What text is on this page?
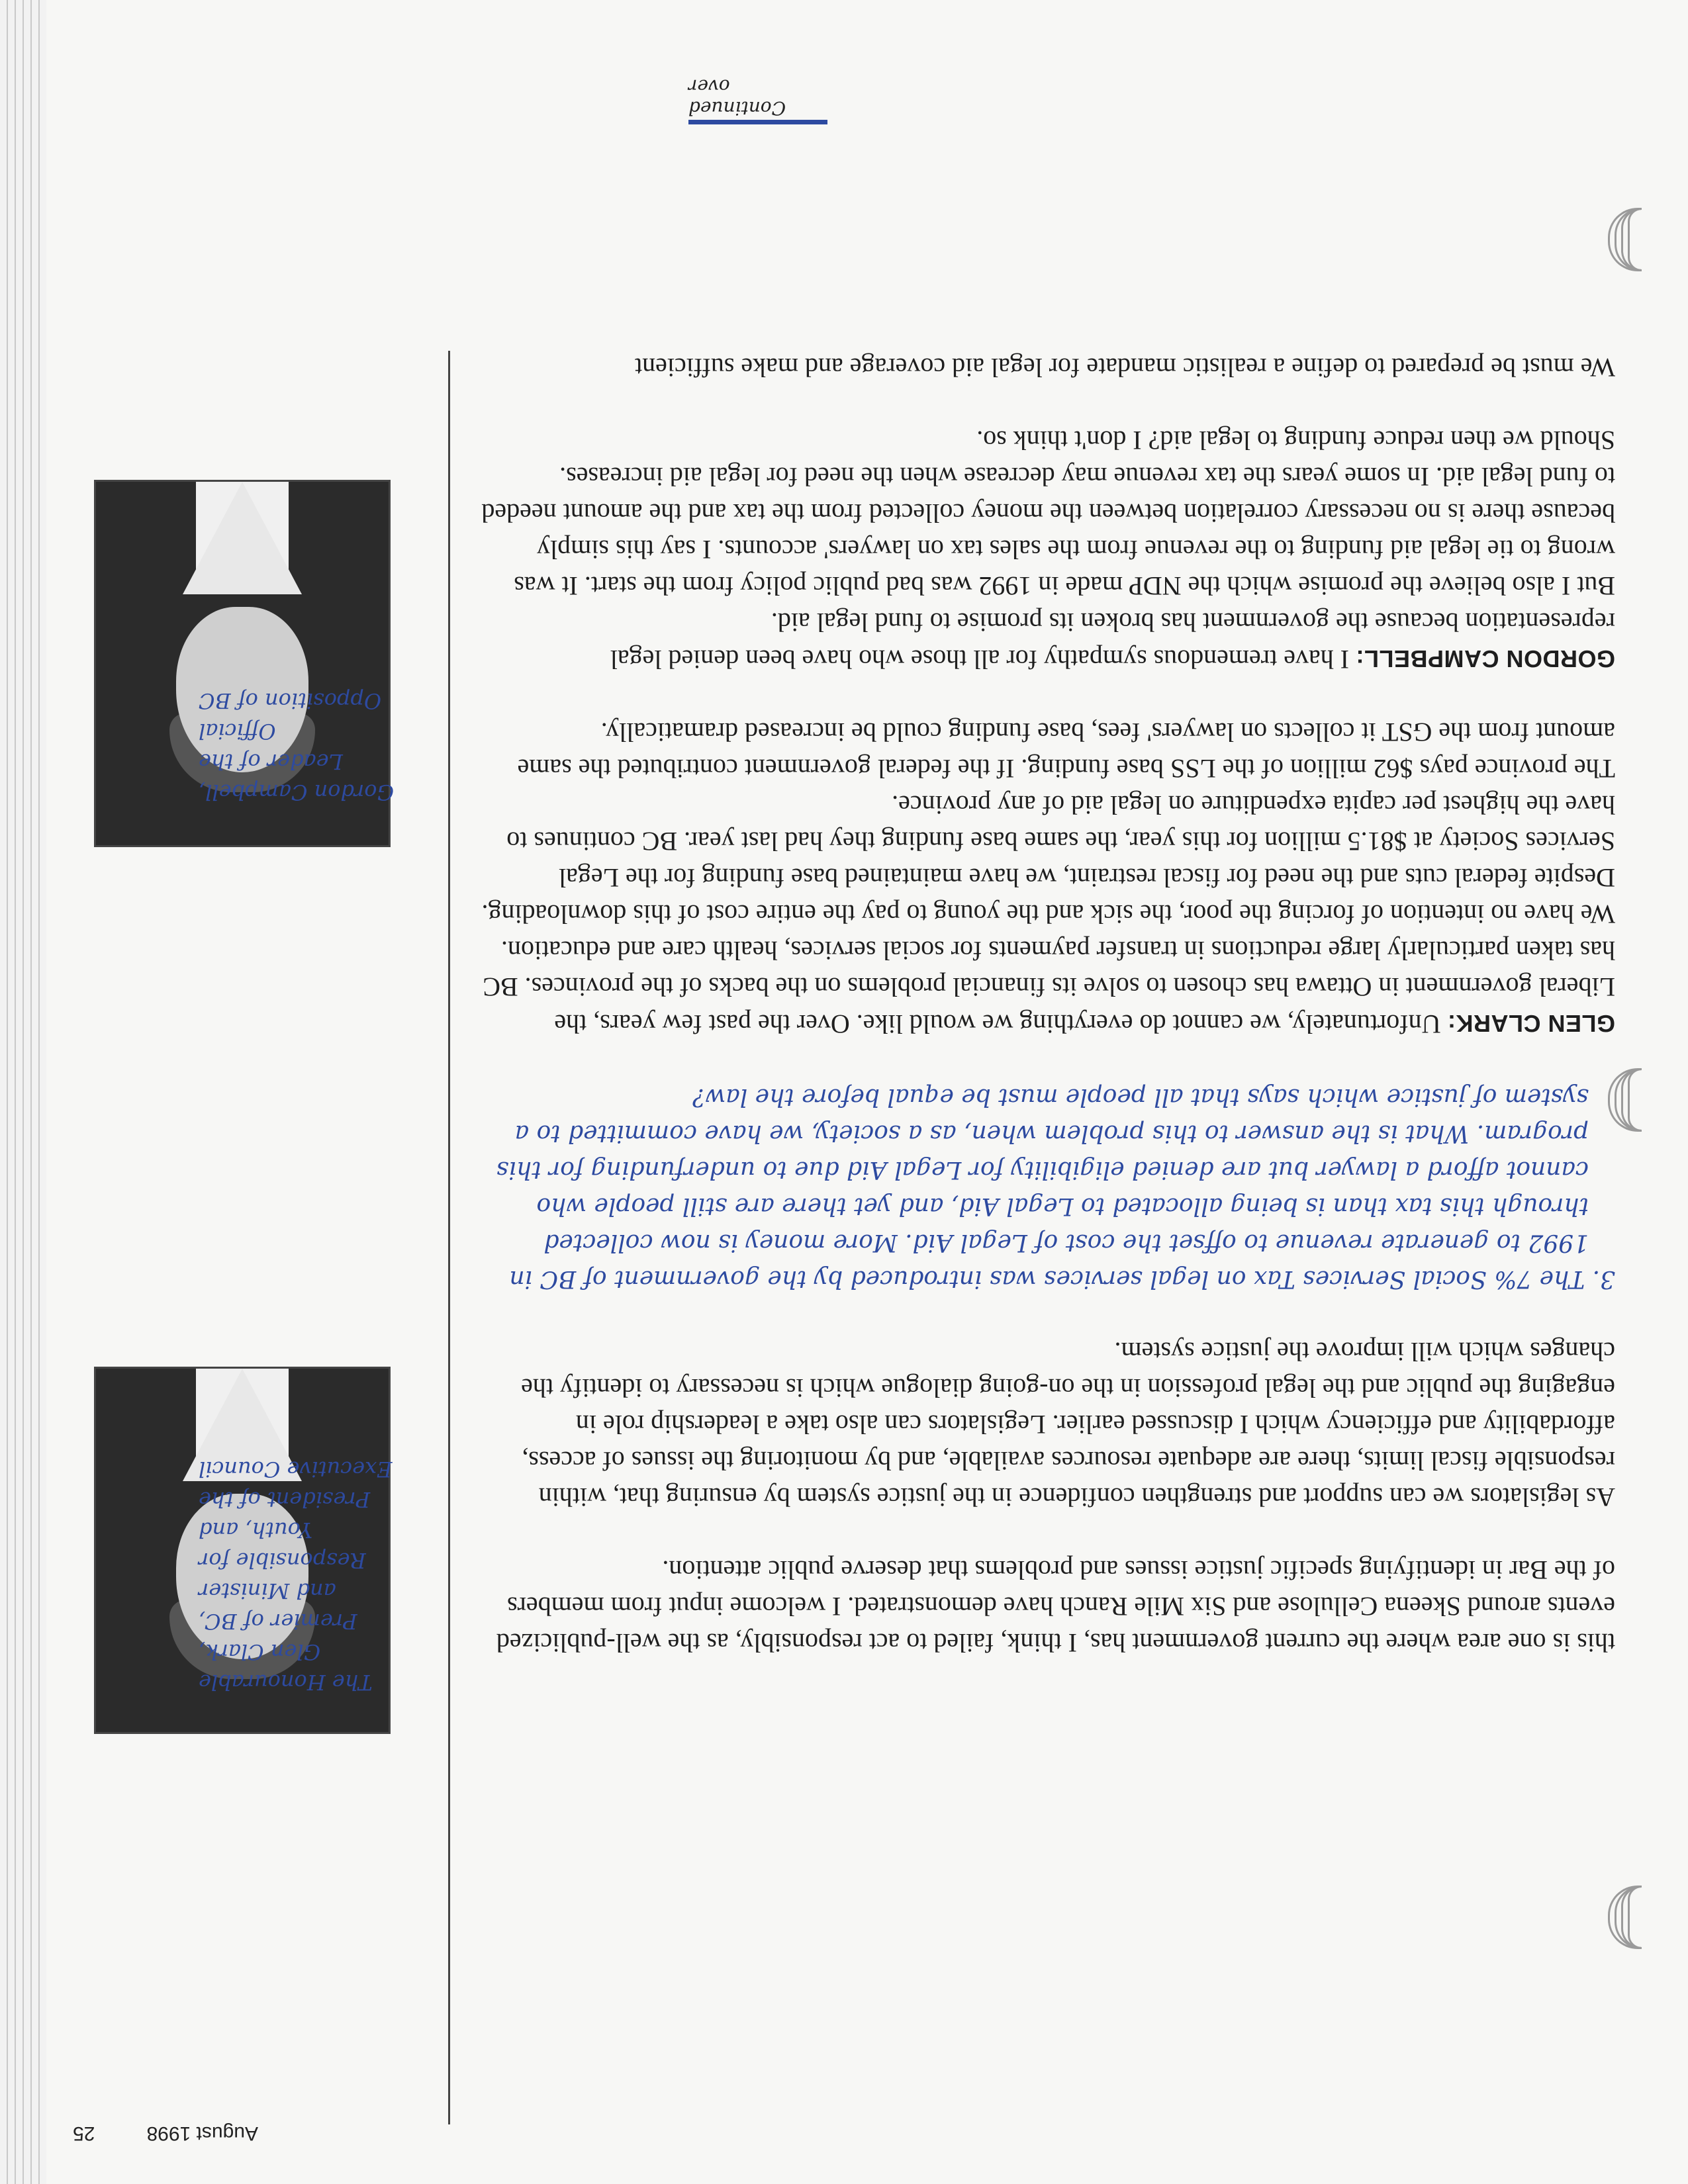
August 1998
25
The Honourable Glen Clark, Premier of BC, and Minister Responsible for Youth, and President of the Executive Council
Gordon Campbell, Leader of the Official Opposition of BC

this is one area where the current government has, I think, failed to act responsibly, as the well-publicized events around Skeena Cellulose and Six Mile Ranch have demonstrated. I welcome input from members of the Bar in identifying specific justice issues and problems that deserve public attention.

As legislators we can support and strengthen confidence in the justice system by ensuring that, within responsible fiscal limits, there are adequate resources available, and by monitoring the issues of access, affordability and efficiency which I discussed earlier. Legislators can also take a leadership role in engaging the public and the legal profession in the on-going dialogue which is necessary to identify the changes which will improve the justice system.

3. The 7% Social Services Tax on legal services was introduced by the government of BC in 1992 to generate revenue to offset the cost of Legal Aid. More money is now collected through this tax than is being allocated to Legal Aid, and yet there are still people who cannot afford a lawyer but are denied eligibility for Legal Aid due to underfunding for this program. What is the answer to this problem when, as a society, we have committed to a system of justice which says that all people must be equal before the law?

GLEN CLARK: Unfortunately, we cannot do everything we would like. Over the past few years, the Liberal government in Ottawa has chosen to solve its financial problems on the backs of the provinces. BC has taken particularly large reductions in transfer payments for social services, health care and education. We have no intention of forcing the poor, the sick and the young to pay the entire cost of this downloading. Despite federal cuts and the need for fiscal restraint, we have maintained base funding for the Legal Services Society at $81.5 million for this year, the same base funding they had last year. BC continues to have the highest per capita expenditure on legal aid of any province.

The province pays $62 million of the LSS base funding. If the federal government contributed the same amount from the GST it collects on lawyers' fees, base funding could be increased dramatically.

GORDON CAMPBELL: I have tremendous sympathy for all those who have been denied legal representation because the government has broken its promise to fund legal aid.

But I also believe the promise which the NDP made in 1992 was bad public policy from the start. It was wrong to tie legal aid funding to the revenue from the sales tax on lawyers' accounts. I say this simply because there is no necessary correlation between the money collected from the tax and the amount needed to fund legal aid. In some years the tax revenue may decrease when the need for legal aid increases. Should we then reduce funding to legal aid? I don't think so.

We must be prepared to define a realistic mandate for legal aid coverage and make sufficient

Continued over
